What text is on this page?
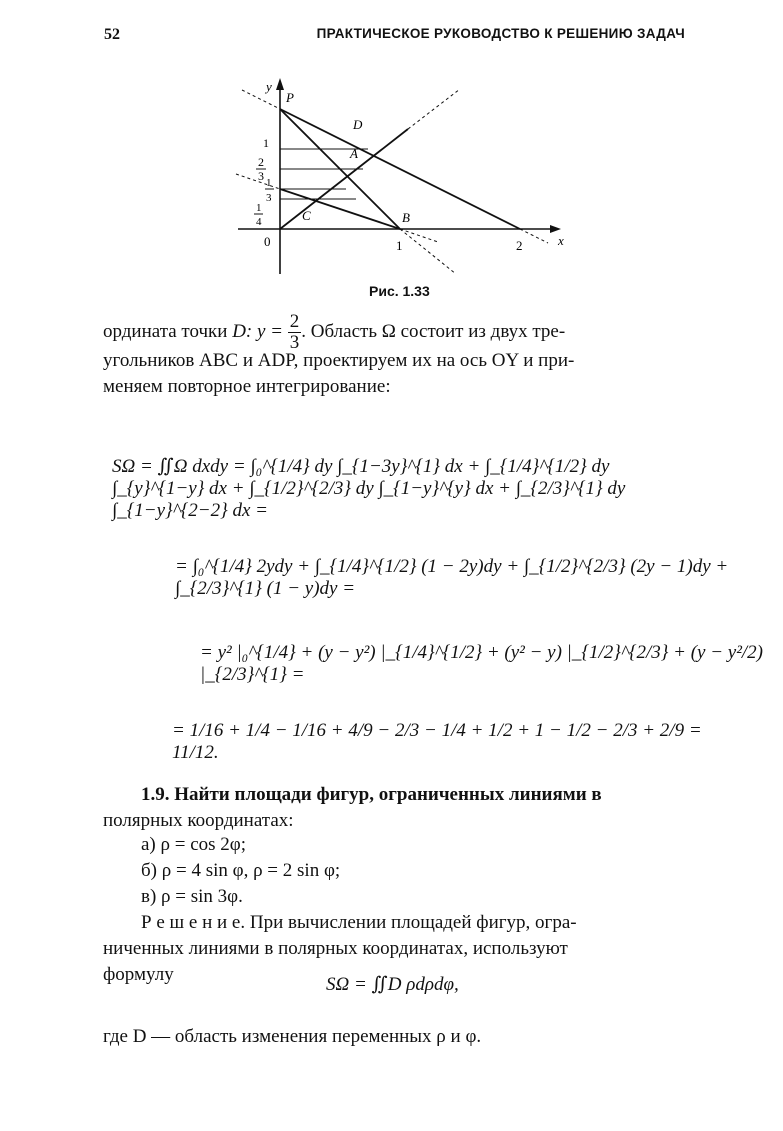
52	ПРАКТИЧЕСКОЕ РУКОВОДСТВО К РЕШЕНИЮ ЗАДАЧ
y
x
0	1	2
1
2
3 1
3
1
4
P
D
A
C	B
Рис. 1.33
ордината точки D: $y = \frac{2}{3}$ . Область Ω состоит из двух тре-
угольников ABC и ADP, проектируем их на ось OY и при-
меняем повторное интегрирование:
SΩ = ∬Ω dxdy = ∫₀^{1/4} dy ∫_{1−3y}^{1} dx + ∫_{1/4}^{1/2} dy ∫_{y}^{1−y} dx + ∫_{1/2}^{2/3} dy ∫_{1−y}^{y} dx + ∫_{2/3}^{1} dy ∫_{1−y}^{2−2} dx =
= ∫₀^{1/4} 2ydy + ∫_{1/4}^{1/2} (1 − 2y)dy + ∫_{1/2}^{2/3} (2y − 1)dy + ∫_{2/3}^{1} (1 − y)dy =
= y² |₀^{1/4} + (y − y²) |_{1/4}^{1/2} + (y² − y) |_{1/2}^{2/3} + (y − y²/2) |_{2/3}^{1} =
= 1/16 + 1/4 − 1/16 + 4/9 − 2/3 − 1/4 + 1/2 + 1 − 1/2 − 2/3 + 2/9 = 11/12.
1.9. Найти площади фигур, ограниченных линиями в
полярных координатах:
а) ρ = cos 2φ;
б) ρ = 4 sin φ, ρ = 2 sin φ;
в) ρ = sin 3φ.
Р е ш е н и е. При вычислении площадей фигур, огра-
ниченных линиями в полярных координатах, используют
формулу	SΩ = ∬D ρdρdφ,
где D — область изменения переменных ρ и φ.
